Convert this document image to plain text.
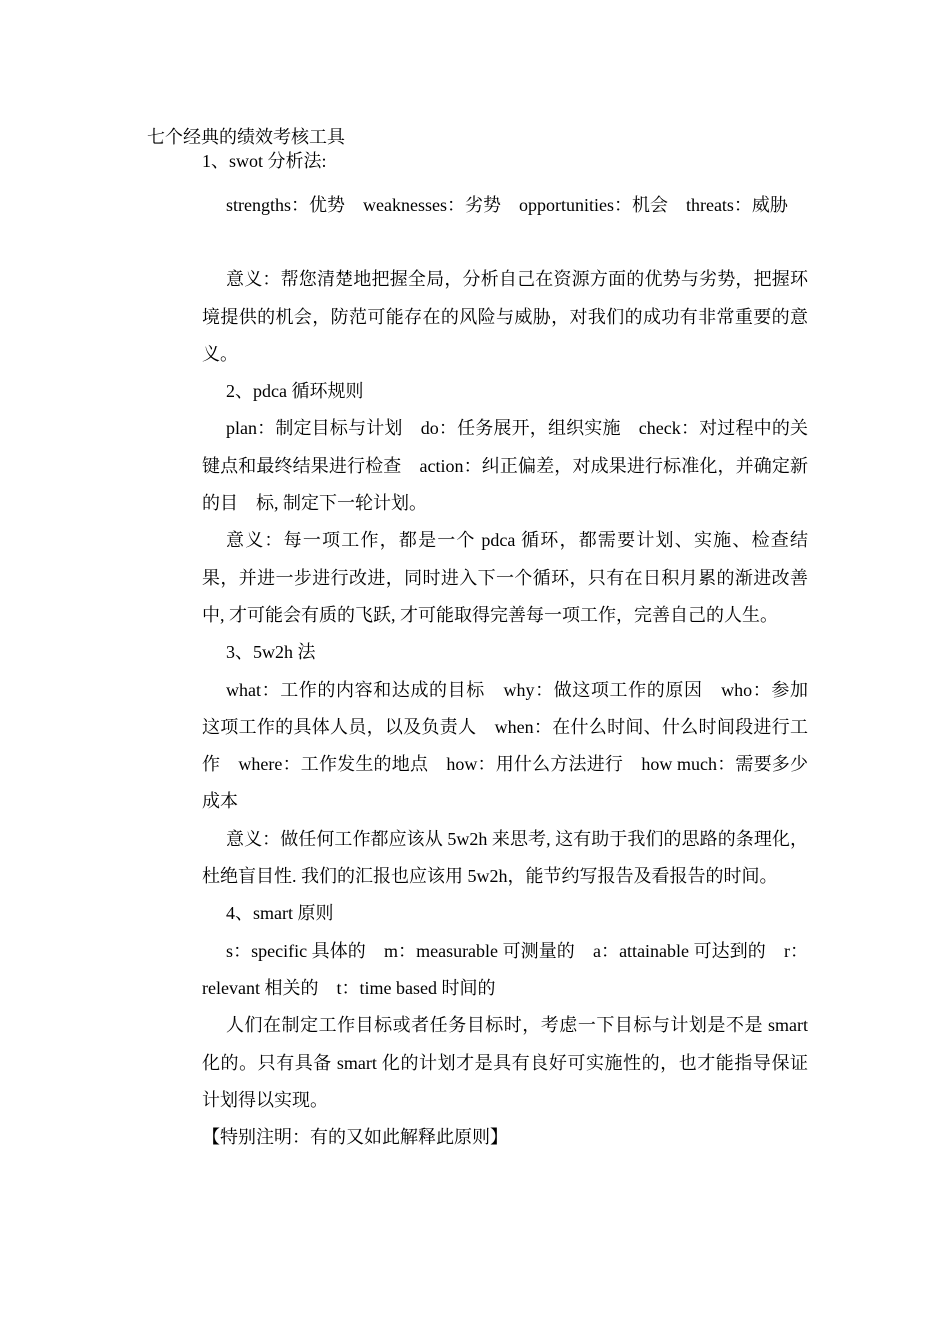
七个经典的绩效考核工具

1、swot 分析法:

strengths：优势　weaknesses：劣势　opportunities：机会　threats：威胁

意义：帮您清楚地把握全局，分析自己在资源方面的优势与劣势，把握环境提供的机会，防范可能存在的风险与威胁，对我们的成功有非常重要的意义。

2、pdca 循环规则

plan：制定目标与计划　do：任务展开，组织实施　check：对过程中的关键点和最终结果进行检查　action：纠正偏差，对成果进行标准化，并确定新的目　标, 制定下一轮计划。

意义：每一项工作，都是一个 pdca 循环，都需要计划、实施、检查结果，并进一步进行改进，同时进入下一个循环，只有在日积月累的渐进改善中, 才可能会有质的飞跃, 才可能取得完善每一项工作，完善自己的人生。

3、5w2h 法

what：工作的内容和达成的目标　why：做这项工作的原因　who：参加这项工作的具体人员，以及负责人　when：在什么时间、什么时间段进行工作　where：工作发生的地点　how：用什么方法进行　how much：需要多少成本

意义：做任何工作都应该从 5w2h 来思考, 这有助于我们的思路的条理化，杜绝盲目性. 我们的汇报也应该用 5w2h，能节约写报告及看报告的时间。

4、smart 原则

s：specific 具体的　m：measurable 可测量的　a：attainable 可达到的　r：relevant 相关的　t：time based 时间的

人们在制定工作目标或者任务目标时，考虑一下目标与计划是不是 smart 化的。只有具备 smart 化的计划才是具有良好可实施性的，也才能指导保证计划得以实现。

【特别注明：有的又如此解释此原则】
